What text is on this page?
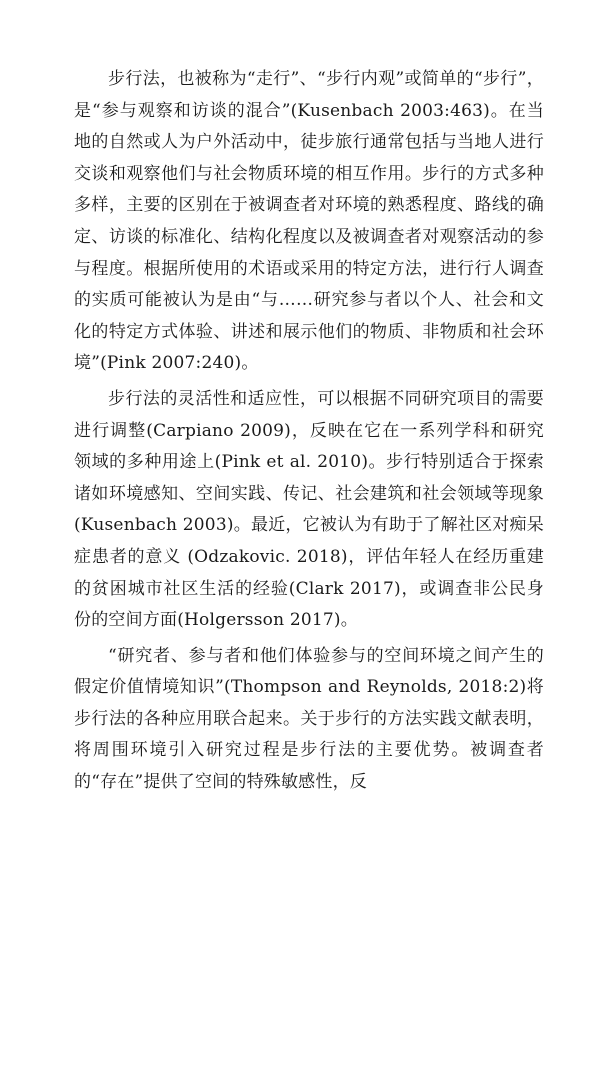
步行法，也被称为“走行”、“步行内观”或简单的“步行”，是“参与观察和访谈的混合”(Kusenbach 2003:463)。在当地的自然或人为户外活动中，徒步旅行通常包括与当地人进行交谈和观察他们与社会物质环境的相互作用。步行的方式多种多样，主要的区别在于被调查者对环境的熟悉程度、路线的确定、访谈的标准化、结构化程度以及被调查者对观察活动的参与程度。根据所使用的术语或采用的特定方法，进行行人调查的实质可能被认为是由“与……研究参与者以个人、社会和文化的特定方式体验、讲述和展示他们的物质、非物质和社会环境”(Pink 2007:240)。

步行法的灵活性和适应性，可以根据不同研究项目的需要进行调整(Carpiano 2009)，反映在它在一系列学科和研究领域的多种用途上(Pink et al. 2010)。步行特别适合于探索诸如环境感知、空间实践、传记、社会建筑和社会领域等现象(Kusenbach 2003)。最近，它被认为有助于了解社区对痴呆症患者的意义 (Odzakovic. 2018)，评估年轻人在经历重建的贫困城市社区生活的经验(Clark 2017)，或调查非公民身份的空间方面(Holgersson 2017)。

“研究者、参与者和他们体验参与的空间环境之间产生的假定价值情境知识”(Thompson and Reynolds, 2018:2)将步行法的各种应用联合起来。关于步行的方法实践文献表明，将周围环境引入研究过程是步行法的主要优势。被调查者的“存在”提供了空间的特殊敏感性，反
